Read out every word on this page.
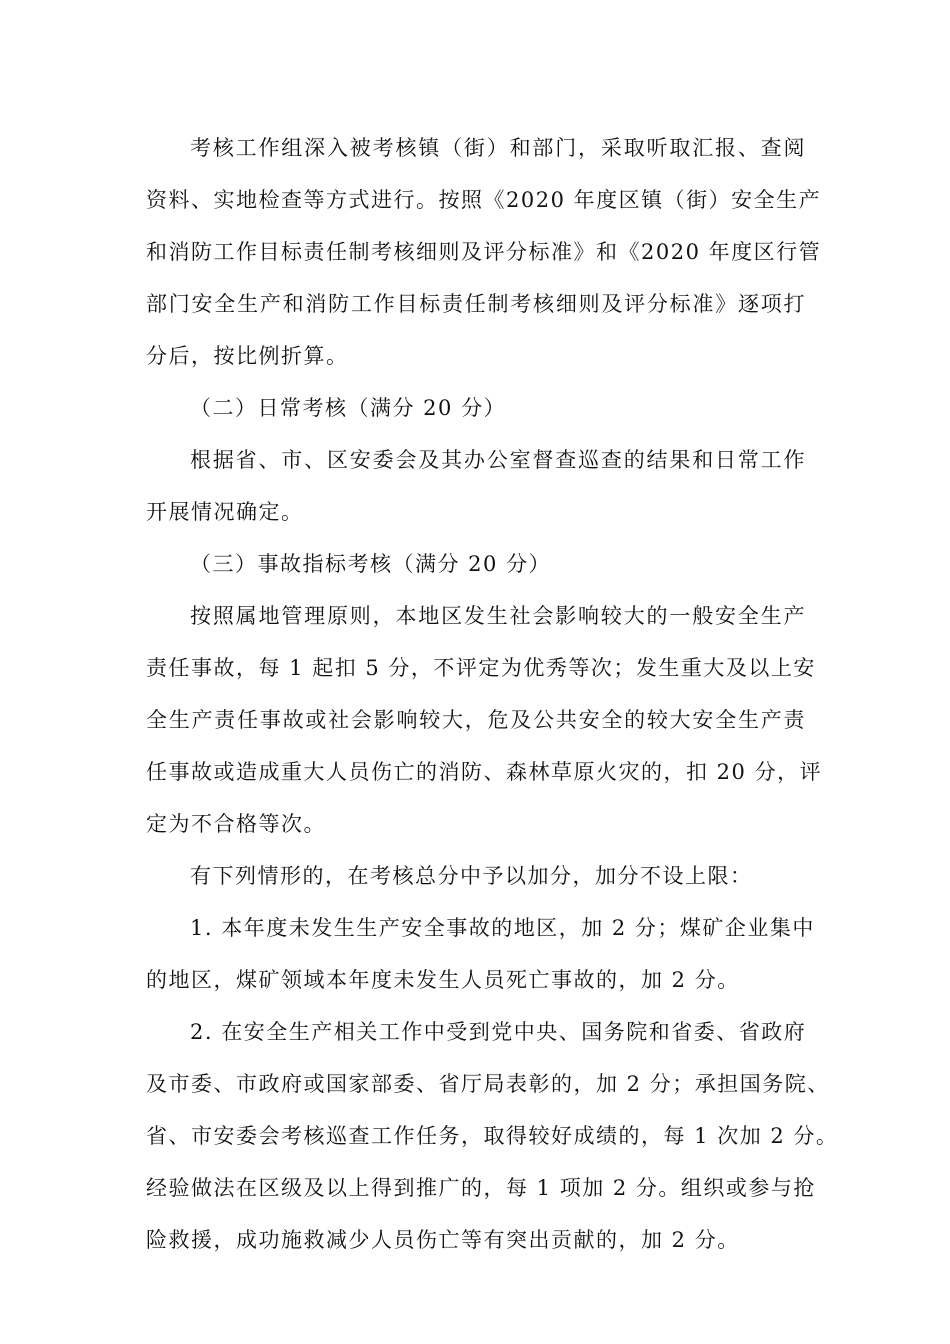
考核工作组深入被考核镇（街）和部门，采取听取汇报、查阅
资料、实地检查等方式进行。按照《2020 年度区镇（街）安全生产
和消防工作目标责任制考核细则及评分标准》和《2020 年度区行管
部门安全生产和消防工作目标责任制考核细则及评分标准》逐项打
分后，按比例折算。
（二）日常考核（满分 20 分）
根据省、市、区安委会及其办公室督查巡查的结果和日常工作
开展情况确定。
（三）事故指标考核（满分 20 分）
按照属地管理原则，本地区发生社会影响较大的一般安全生产
责任事故，每 1 起扣 5 分，不评定为优秀等次；发生重大及以上安
全生产责任事故或社会影响较大，危及公共安全的较大安全生产责
任事故或造成重大人员伤亡的消防、森林草原火灾的，扣 20 分，评
定为不合格等次。
有下列情形的，在考核总分中予以加分，加分不设上限：
1. 本年度未发生生产安全事故的地区，加 2 分；煤矿企业集中
的地区，煤矿领域本年度未发生人员死亡事故的，加 2 分。
2. 在安全生产相关工作中受到党中央、国务院和省委、省政府
及市委、市政府或国家部委、省厅局表彰的，加 2 分；承担国务院、
省、市安委会考核巡查工作任务，取得较好成绩的，每 1 次加 2 分。
经验做法在区级及以上得到推广的，每 1 项加 2 分。组织或参与抢
险救援，成功施救减少人员伤亡等有突出贡献的，加 2 分。
